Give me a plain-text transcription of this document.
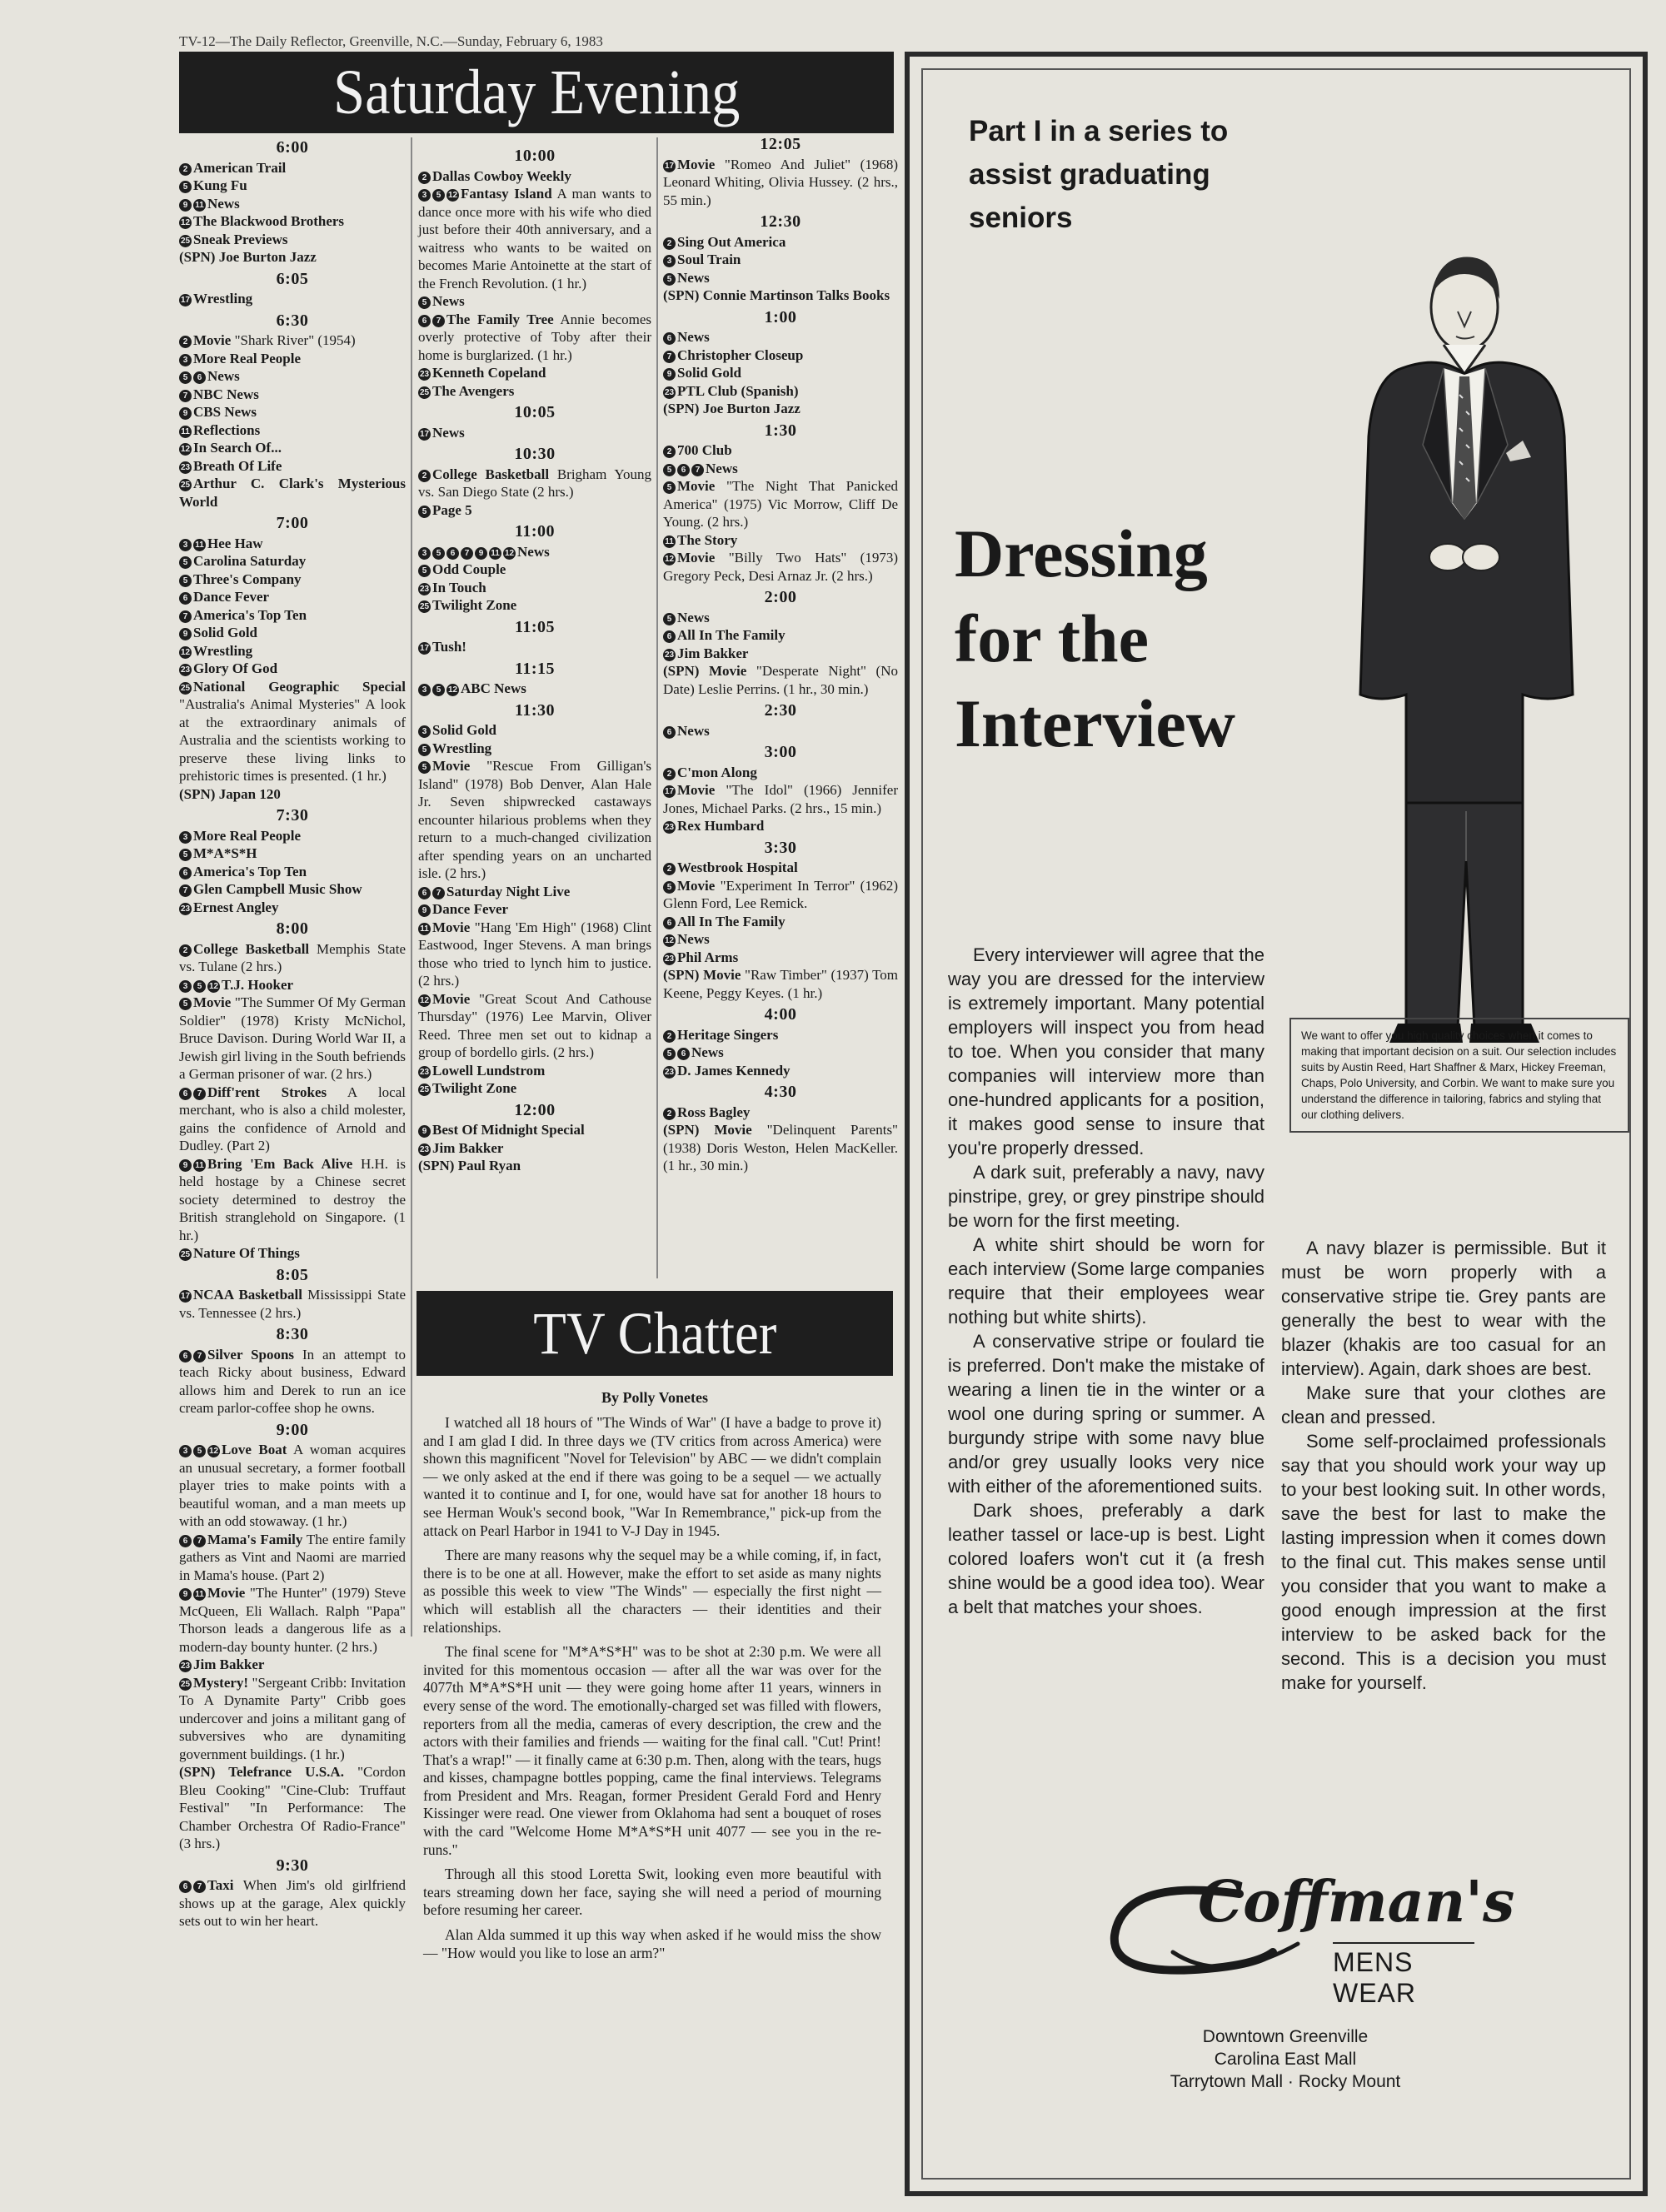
TV-12—The Daily Reflector, Greenville, N.C.—Sunday, February 6, 1983
Saturday Evening
6:00
2 American Trail
5 Kung Fu
9 11 News
12 The Blackwood Brothers
25 Sneak Previews
(SPN) Joe Burton Jazz
6:05
17 Wrestling
6:30
2 Movie "Shark River" (1954)
3 More Real People
5 6 News
7 NBC News
9 CBS News
11 Reflections
12 In Search Of...
23 Breath Of Life
25 Arthur C. Clark's Mysterious World
7:00
3 11 Hee Haw
5 Carolina Saturday
5 Three's Company
6 Dance Fever
7 America's Top Ten
9 Solid Gold
12 Wrestling
23 Glory Of God
25 National Geographic Special "Australia's Animal Mysteries" A look at the extraordinary animals of Australia and the scientists working to preserve these living links to prehistoric times is presented. (1 hr.)
(SPN) Japan 120
7:30
3 More Real People
5 M*A*S*H
6 America's Top Ten
7 Glen Campbell Music Show
23 Ernest Angley
8:00
2 College Basketball Memphis State vs. Tulane (2 hrs.)
3 5 12 T.J. Hooker
5 Movie "The Summer Of My German Soldier" (1978) Kristy McNichol, Bruce Davison. During World War II, a Jewish girl living in the South befriends a German prisoner of war. (2 hrs.)
6 7 Diff'rent Strokes A local merchant, who is also a child molester, gains the confidence of Arnold and Dudley. (Part 2)
9 11 Bring 'Em Back Alive H.H. is held hostage by a Chinese secret society determined to destroy the British stranglehold on Singapore. (1 hr.)
25 Nature Of Things
8:05
17 NCAA Basketball Mississippi State vs. Tennessee (2 hrs.)
8:30
6 7 Silver Spoons In an attempt to teach Ricky about business, Edward allows him and Derek to run an ice cream parlor-coffee shop he owns.
9:00
3 5 12 Love Boat A woman acquires an unusual secretary, a former football player tries to make points with a beautiful woman, and a man meets up with an odd stowaway. (1 hr.)
6 7 Mama's Family The entire family gathers as Vint and Naomi are married in Mama's house. (Part 2)
9 11 Movie "The Hunter" (1979) Steve McQueen, Eli Wallach. Ralph "Papa" Thorson leads a dangerous life as a modern-day bounty hunter. (2 hrs.)
23 Jim Bakker
25 Mystery! "Sergeant Cribb: Invitation To A Dynamite Party" Cribb goes undercover and joins a militant gang of subversives who are dynamiting government buildings. (1 hr.)
(SPN) Telefrance U.S.A. "Cordon Bleu Cooking" "Cine-Club: Truffaut Festival" "In Performance: The Chamber Orchestra Of Radio-France" (3 hrs.)
9:30
6 7 Taxi When Jim's old girlfriend shows up at the garage, Alex quickly sets out to win her heart.
10:00
2 Dallas Cowboy Weekly
3 5 12 Fantasy Island A man wants to dance once more with his wife who died just before their 40th anniversary, and a waitress who wants to be waited on becomes Marie Antoinette at the start of the French Revolution. (1 hr.)
5 News
6 7 The Family Tree Annie becomes overly protective of Toby after their home is burglarized. (1 hr.)
23 Kenneth Copeland
25 The Avengers
10:05
17 News
10:30
2 College Basketball Brigham Young vs. San Diego State (2 hrs.)
5 Page 5
11:00
3 5 6 7 9 11 12 News
5 Odd Couple
23 In Touch
25 Twilight Zone
11:05
17 Tush!
11:15
3 5 12 ABC News
11:30
3 Solid Gold
5 Wrestling
5 Movie "Rescue From Gilligan's Island" (1978) Bob Denver, Alan Hale Jr. Seven shipwrecked castaways encounter hilarious problems when they return to a much-changed civilization after spending years on an uncharted isle. (2 hrs.)
6 7 Saturday Night Live
9 Dance Fever
11 Movie "Hang 'Em High" (1968) Clint Eastwood, Inger Stevens. A man brings those who tried to lynch him to justice. (2 hrs.)
12 Movie "Great Scout And Cathouse Thursday" (1976) Lee Marvin, Oliver Reed. Three men set out to kidnap a group of bordello girls. (2 hrs.)
23 Lowell Lundstrom
25 Twilight Zone
12:00
9 Best Of Midnight Special
23 Jim Bakker
(SPN) Paul Ryan
12:05
17 Movie "Romeo And Juliet" (1968) Leonard Whiting, Olivia Hussey. (2 hrs., 55 min.)
12:30
2 Sing Out America
3 Soul Train
5 News
(SPN) Connie Martinson Talks Books
1:00
6 News
7 Christopher Closeup
9 Solid Gold
23 PTL Club (Spanish)
(SPN) Joe Burton Jazz
1:30
2 700 Club
5 6 7 News
5 Movie "The Night That Panicked America" (1975) Vic Morrow, Cliff De Young. (2 hrs.)
11 The Story
12 Movie "Billy Two Hats" (1973) Gregory Peck, Desi Arnaz Jr. (2 hrs.)
2:00
5 News
6 All In The Family
23 Jim Bakker
(SPN) Movie "Desperate Night" (No Date) Leslie Perrins. (1 hr., 30 min.)
2:30
6 News
3:00
2 C'mon Along
17 Movie "The Idol" (1966) Jennifer Jones, Michael Parks. (2 hrs., 15 min.)
23 Rex Humbard
3:30
2 Westbrook Hospital
5 Movie "Experiment In Terror" (1962) Glenn Ford, Lee Remick.
6 All In The Family
12 News
23 Phil Arms
(SPN) Movie "Raw Timber" (1937) Tom Keene, Peggy Keyes. (1 hr.)
4:00
2 Heritage Singers
5 6 News
23 D. James Kennedy
4:30
2 Ross Bagley
(SPN) Movie "Delinquent Parents" (1938) Doris Weston, Helen MacKeller. (1 hr., 30 min.)
TV Chatter
By Polly Vonetes

I watched all 18 hours of "The Winds of War" (I have a badge to prove it) and I am glad I did. In three days we (TV critics from across America) were shown this magnificent "Novel for Television" by ABC — we didn't complain — we only asked at the end if there was going to be a sequel — we actually wanted it to continue and I, for one, would have sat for another 18 hours to see Herman Wouk's second book, "War In Remembrance," pick-up from the attack on Pearl Harbor in 1941 to V-J Day in 1945.

There are many reasons why the sequel may be a while coming, if, in fact, there is to be one at all. However, make the effort to set aside as many nights as possible this week to view "The Winds" — especially the first night — which will establish all the characters — their identities and their relationships.

The final scene for "M*A*S*H" was to be shot at 2:30 p.m. We were all invited for this momentous occasion — after all the war was over for the 4077th M*A*S*H unit — they were going home after 11 years, winners in every sense of the word. The emotionally-charged set was filled with flowers, reporters from all the media, cameras of every description, the crew and the actors with their families and friends — waiting for the final call. "Cut! Print! That's a wrap!" — it finally came at 6:30 p.m. Then, along with the tears, hugs and kisses, champagne bottles popping, came the final interviews. Telegrams from President and Mrs. Reagan, former President Gerald Ford and Henry Kissinger were read. One viewer from Oklahoma had sent a bouquet of roses with the card "Welcome Home M*A*S*H unit 4077 — see you in the re-runs."

Through all this stood Loretta Swit, looking even more beautiful with tears streaming down her face, saying she will need a period of mourning before resuming her career.

Alan Alda summed it up this way when asked if he would miss the show — "How would you like to lose an arm?"

Part I in a series to assist graduating seniors
Dressing
for the
Interview
We want to offer you high quality choices when it comes to making that important decision on a suit. Our selection includes suits by Austin Reed, Hart Shaffner & Marx, Hickey Freeman, Chaps, Polo University, and Corbin. We want to make sure you understand the difference in tailoring, fabrics and styling that our clothing delivers.

Every interviewer will agree that the way you are dressed for the interview is extremely important. Many potential employers will inspect you from head to toe. When you consider that many companies will interview more than one-hundred applicants for a position, it makes good sense to insure that you're properly dressed.

A dark suit, preferably a navy, navy pinstripe, grey, or grey pinstripe should be worn for the first meeting.

A white shirt should be worn for each interview (Some large companies require that their employees wear nothing but white shirts).

A conservative stripe or foulard tie is preferred. Don't make the mistake of wearing a linen tie in the winter or a wool one during spring or summer. A burgundy stripe with some navy blue and/or grey usually looks very nice with either of the aforementioned suits.

Dark shoes, preferably a dark leather tassel or lace-up is best. Light colored loafers won't cut it (a fresh shine would be a good idea too). Wear a belt that matches your shoes.

A navy blazer is permissible. But it must be worn properly with a conservative stripe tie. Grey pants are generally the best to wear with the blazer (khakis are too casual for an interview). Again, dark shoes are best.

Make sure that your clothes are clean and pressed.

Some self-proclaimed professionals say that you should work your way up to your best looking suit. In other words, save the best for last to make the lasting impression when it comes down to the final cut. This makes sense until you consider that you want to make a good enough impression at the first interview to be asked back for the second. This is a decision you must make for yourself.

Coffman's
MENS WEAR
Downtown Greenville
Carolina East Mall
Tarrytown Mall · Rocky Mount
